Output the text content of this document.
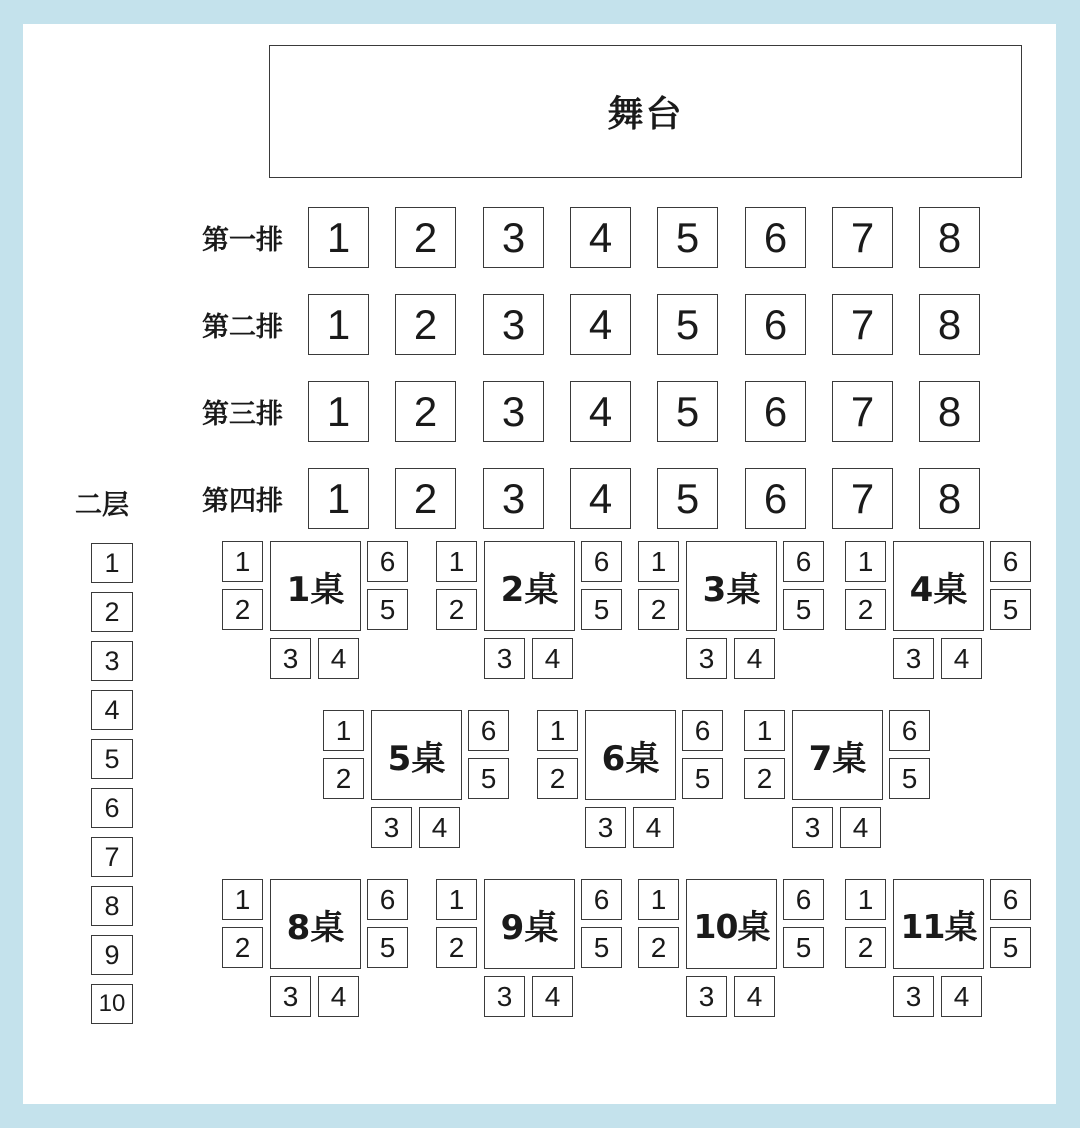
舞台
第一排	1	2	3	4	5	6	7	8
第二排	1	2	3	4	5	6	7	8
第三排	1	2	3	4	5	6	7	8
第四排	1	2	3	4	5	6	7	8
二层
1
2
3
4
5
6
7
8
9
10
1桌
1
2
3	4
5
6
2桌
1
2
3	4
5
6
3桌
1
2
3	4
5
6
4桌
1
2
3	4
5
6
5桌
1
2
3	4
5
6
6桌
1
2
3	4
5
6
7桌
1
2
3	4
5
6
8桌
1
2
3	4
5
6
9桌
1
2
3	4
5
6
10桌
1
2
3	4
5
6
11桌
1
2
3	4
5
6
